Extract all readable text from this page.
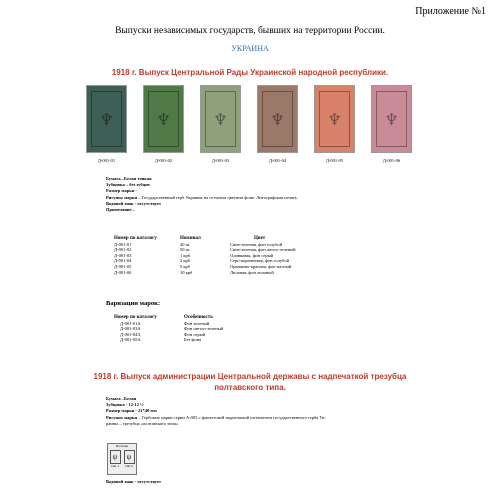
Приложение №1
Выпуски независимых государств, бывших на территории России.
УКРАИНА
1918 г. Выпуск Центральной Рады Украинской народной республики.
♆	♆	♆	♆	♆	♆
Д-001-01	Д-001-02	Д-001-03	Д-001-04	Д-001-05	Д-001-06
Бумага –Белая тонкая
Зубцовка – без зубцов
Размер марки -
Рисунок марки – Государственный герб Украины на сетчатом цветном фоне. Литографская печать.
Водяной знак - отсутствует
Примечание –
Номер по каталогу	Номинал	Цвет
Д-001-01	40 ш.	Сине-зеленая, фон голубой
Д-001-02	50 ш.	Сине-зеленая, фон желто-зеленый
Д-001-03	1 крб.	Оливковая, фон серый
Д-001-04	2 крб	Серо-коричневая, фон голубой
Д-001-05	5 крб	Оранжево-красная, фон желтый
Д-001-06	10 крб	Лиловая, фон лиловый
Варизации марок:
Номер по каталогу	Особенность
Д-001-01А	Фон зеленый
Д-001-03А	Фон светло-зеленый
Д-001-04А	Фон серый
Д-001-05А	Без фона
1918 г. Выпуск администрации Центральной державы с надпечаткой трезубца
полтавского типа.
Бумага –Белая
Зубцовка - 12-12 ½
Размер марки - 21*40 мм
Рисунок марки – Гербовые марки серии А-005 с фиолетовой надпечаткой штемпелем государственного герба Ук-
раины – трезубца «полтавского типа»
Полтава
ψ	ψ
тип 1 тип 2
Водяной знак - отсутствует
